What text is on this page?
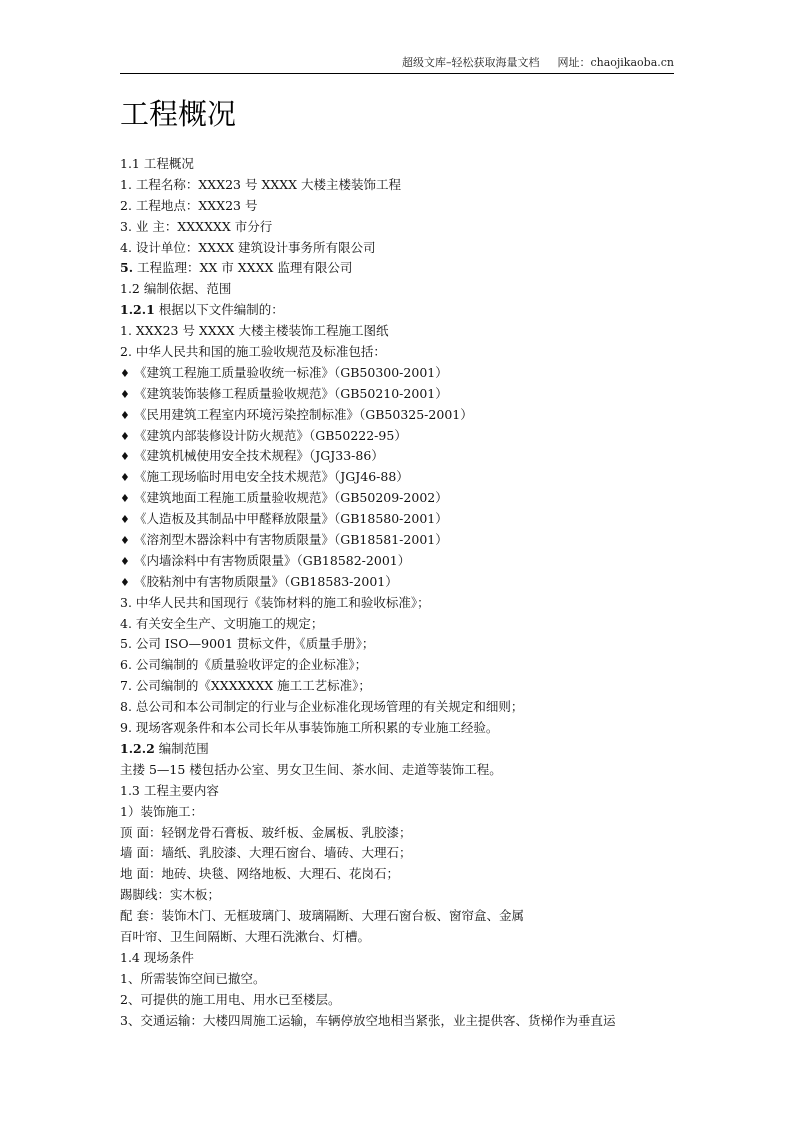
超级文库–轻松获取海量文档 网址：chaojikaoba.cn
工程概况
1.1 工程概况
1. 工程名称：XXX23 号 XXXX 大楼主楼装饰工程
2. 工程地点：XXX23 号
3. 业 主：XXXXXX 市分行
4. 设计单位：XXXX 建筑设计事务所有限公司
5. 工程监理：XX 市 XXXX 监理有限公司
1.2 编制依据、范围
1.2.1 根据以下文件编制的：
1. XXX23 号 XXXX 大楼主楼装饰工程施工图纸
2. 中华人民共和国的施工验收规范及标准包括：
♦ 《建筑工程施工质量验收统一标准》（GB50300-2001）
♦ 《建筑装饰装修工程质量验收规范》（GB50210-2001）
♦ 《民用建筑工程室内环境污染控制标准》（GB50325-2001）
♦ 《建筑内部装修设计防火规范》（GB50222-95）
♦ 《建筑机械使用安全技术规程》（JGJ33-86）
♦ 《施工现场临时用电安全技术规范》（JGJ46-88）
♦ 《建筑地面工程施工质量验收规范》（GB50209-2002）
♦ 《人造板及其制品中甲醛释放限量》（GB18580-2001）
♦ 《溶剂型木器涂料中有害物质限量》（GB18581-2001）
♦ 《内墙涂料中有害物质限量》（GB18582-2001）
♦ 《胶粘剂中有害物质限量》（GB18583-2001）
3. 中华人民共和国现行《装饰材料的施工和验收标准》；
4. 有关安全生产、文明施工的规定；
5. 公司 ISO—9001 贯标文件，《质量手册》；
6. 公司编制的《质量验收评定的企业标准》；
7. 公司编制的《XXXXXXX 施工工艺标准》；
8. 总公司和本公司制定的行业与企业标准化现场管理的有关规定和细则；
9. 现场客观条件和本公司长年从事装饰施工所积累的专业施工经验。
1.2.2 编制范围
主搂 5—15 楼包括办公室、男女卫生间、茶水间、走道等装饰工程。
1.3 工程主要内容
1）装饰施工：
顶 面：轻钢龙骨石膏板、玻纤板、金属板、乳胶漆；
墙 面：墙纸、乳胶漆、大理石窗台、墙砖、大理石；
地 面：地砖、块毯、网络地板、大理石、花岗石；
踢脚线：实木板；
配 套：装饰木门、无框玻璃门、玻璃隔断、大理石窗台板、窗帘盒、金属
百叶帘、卫生间隔断、大理石洗漱台、灯槽。
1.4 现场条件
1、所需装饰空间已撤空。
2、可提供的施工用电、用水已至楼层。
3、交通运输：大楼四周施工运输，车辆停放空地相当紧张，业主提供客、货梯作为垂直运
